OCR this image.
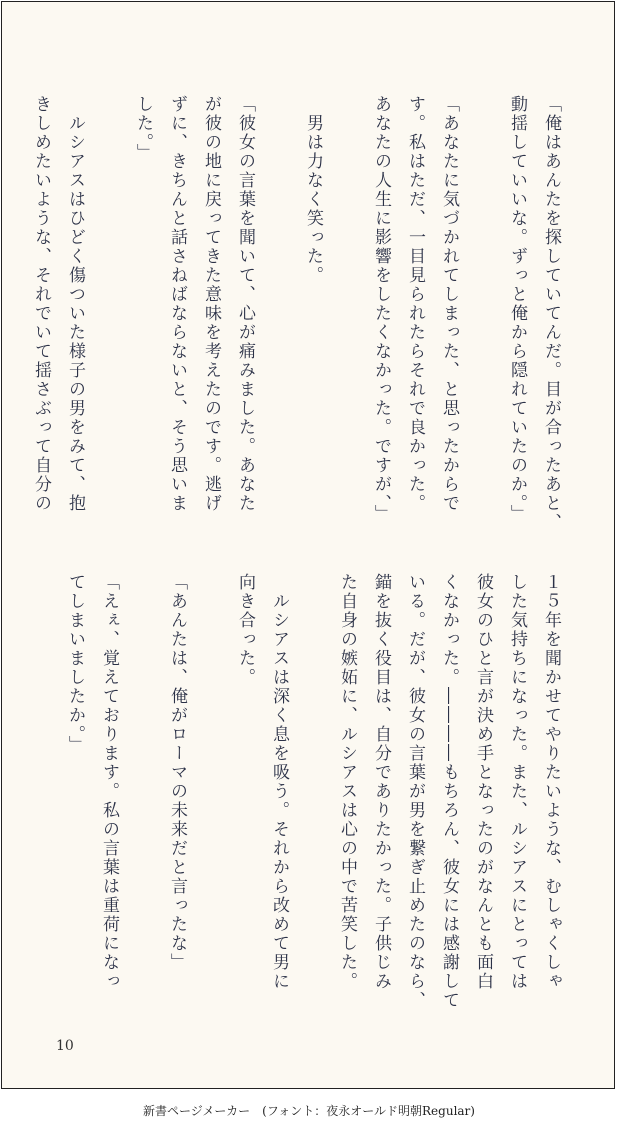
「俺はあんたを探していてんだ。目が合ったあと、
動揺していいな。ずっと俺から隠れていたのか。」

「あなたに気づかれてしまった、と思ったからで
す。私はただ、一目見られたらそれで良かった。
あなたの人生に影響をしたくなかった。ですが、」

　男は力なく笑った。

「彼女の言葉を聞いて、心が痛みました。あなた
が彼の地に戻ってきた意味を考えたのです。逃げ
ずに、きちんと話さねばならないと、そう思いま
した。」

　ルシアスはひどく傷ついた様子の男をみて、抱
きしめたいような、それでいて揺さぶって自分の
１５年を聞かせてやりたいような、むしゃくしゃ
した気持ちになった。また、ルシアスにとっては
彼女のひと言が決め手となったのがなんとも面白
くなかった。――――もちろん、彼女には感謝して
いる。だが、彼女の言葉が男を繋ぎ止めたのなら、
錨を抜く役目は、自分でありたかった。子供じみ
た自身の嫉妬に、ルシアスは心の中で苦笑した。

　ルシアスは深く息を吸う。それから改めて男に
向き合った。

「あんたは、俺がローマの未来だと言ったな」

「えぇ、覚えております。私の言葉は重荷になっ
てしまいましたか。」
10
新書ページメーカー　(フォント：夜永オールド明朝Regular)
